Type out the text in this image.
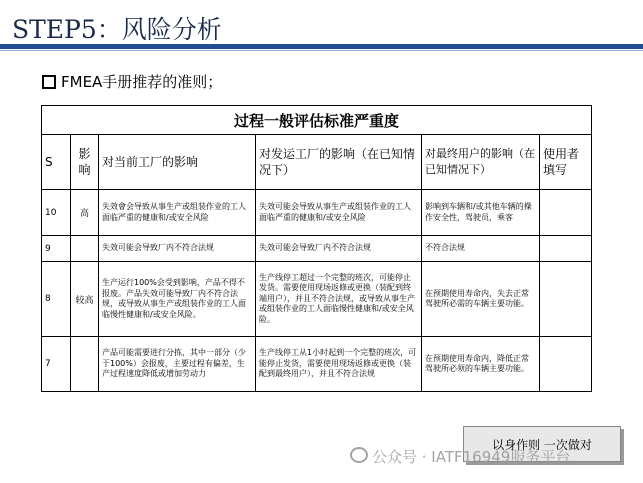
STEP5：风险分析
FMEA手册推荐的准则；
过程一般评估标准严重度					
S	影响	对当前工厂的影响	对发运工厂的影响（在已知情况下）	对最终用户的影响（在已知情况下）	使用者填写
10	高	失效會会导致从事生产或组装作业的工人面临严重的健康和/或安全风险	失效可能会导致从事生产或组装作业的工人面临严重的健康和/或安全风险	影响到车辆和/或其他车辆的操作安全性，驾驶员，乘客	
9		失效可能会导致厂内不符合法规	失效可能会导致厂内不符合法规	不符合法规	
8	较高	生产运行100%会受到影响，产品不得不报废。产品失效可能导致厂内不符合法规，或导致从事生产或组装作业的工人面临慢性健康和/或安全风险。	生产线停工超过一个完整的班次，可能停止发货。需要使用现场返修或更换（装配到终端用户），并且不符合法规，或导致从事生产或组装作业的工人面临慢性健康和/或安全风险。	在预期使用寿命内，失去正常驾驶所必需的车辆主要功能。	
7		产品可能需要进行分拣，其中一部分（少于100%）会报废，主要过程有偏差，生产过程速度降低或增加劳动力	生产线停工从1小时起到一个完整的班次，可能停止发货，需要使用现场返修或更换（装配到最终用户），并且不符合法规	在预期使用寿命内，降低正常驾驶所必须的车辆主要功能。	
以身作则 一次做对
公众号 · IATF16949服务平台
